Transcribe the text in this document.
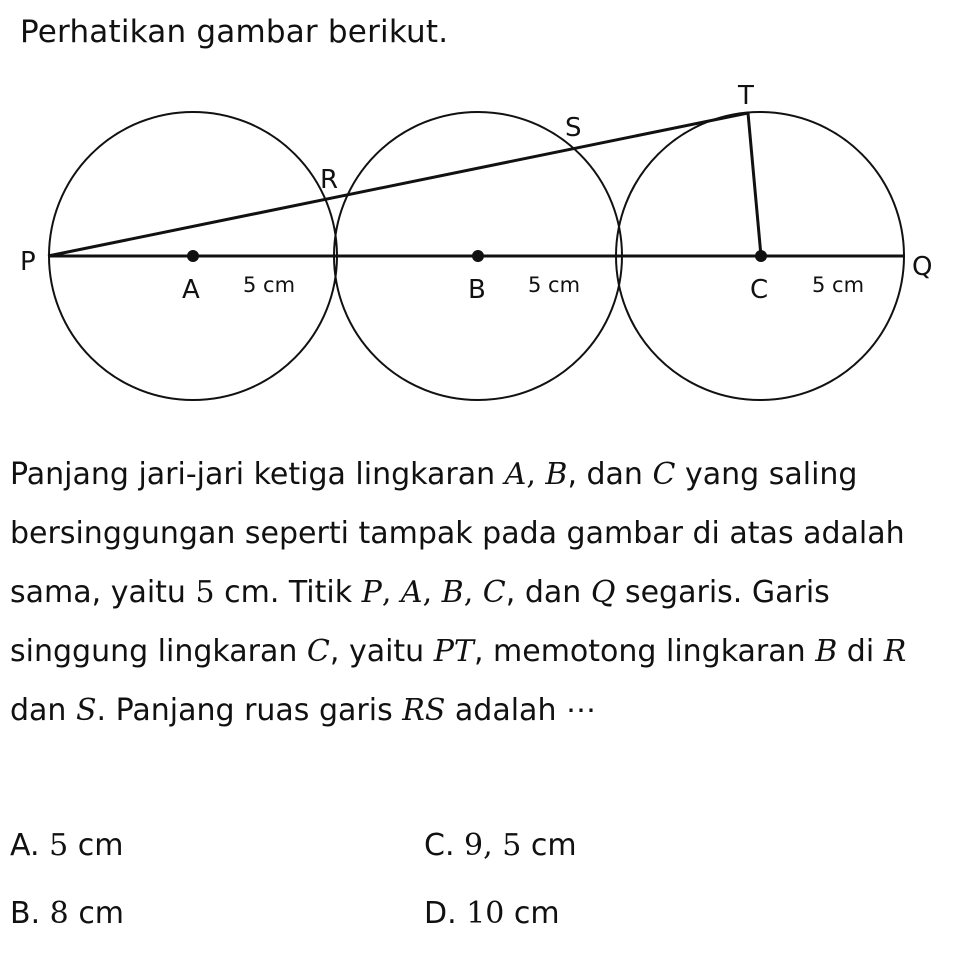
Perhatikan gambar berikut.
P	Q
A	B	C
R
S
T
5 cm	5 cm	5 cm
Panjang jari-jari ketiga lingkaran A, B, dan C yang saling bersinggungan seperti tampak pada gambar di atas adalah sama, yaitu 5 cm. Titik P, A, B, C, dan Q segaris. Garis singgung lingkaran C, yaitu PT, memotong lingkaran B di R dan S. Panjang ruas garis RS adalah ⋯
A. 5 cm
B. 8 cm
C. 9, 5 cm
D. 10 cm
